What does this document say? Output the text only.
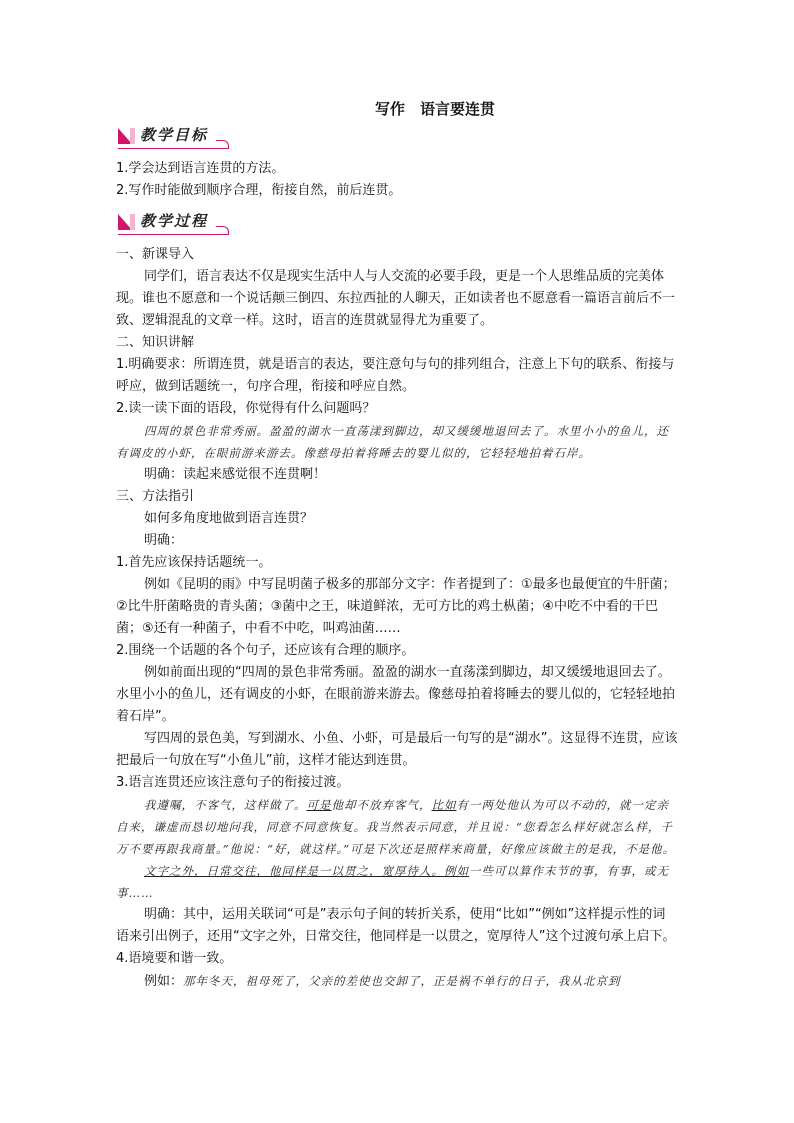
写作　语言要连贯
教学目标

1.学会达到语言连贯的方法。

2.写作时能做到顺序合理，衔接自然，前后连贯。

教学过程

一、新课导入

同学们，语言表达不仅是现实生活中人与人交流的必要手段，更是一个人思维品质的完美体现。谁也不愿意和一个说话颠三倒四、东拉西扯的人聊天，正如读者也不愿意看一篇语言前后不一致、逻辑混乱的文章一样。这时，语言的连贯就显得尤为重要了。

二、知识讲解

1.明确要求：所谓连贯，就是语言的表达，要注意句与句的排列组合，注意上下句的联系、衔接与呼应，做到话题统一，句序合理，衔接和呼应自然。

2.读一读下面的语段，你觉得有什么问题吗？

四周的景色非常秀丽。盈盈的湖水一直荡漾到脚边，却又缓缓地退回去了。水里小小的鱼儿，还有调皮的小虾，在眼前游来游去。像慈母拍着将睡去的婴儿似的，它轻轻地拍着石岸。

明确：读起来感觉很不连贯啊！

三、方法指引

如何多角度地做到语言连贯？

明确：

1.首先应该保持话题统一。

例如《昆明的雨》中写昆明菌子极多的那部分文字：作者提到了：①最多也最便宜的牛肝菌；②比牛肝菌略贵的青头菌；③菌中之王，味道鲜浓，无可方比的鸡土枞菌；④中吃不中看的干巴菌；⑤还有一种菌子，中看不中吃，叫鸡油菌……

2.围绕一个话题的各个句子，还应该有合理的顺序。

例如前面出现的“四周的景色非常秀丽。盈盈的湖水一直荡漾到脚边，却又缓缓地退回去了。水里小小的鱼儿，还有调皮的小虾，在眼前游来游去。像慈母拍着将睡去的婴儿似的，它轻轻地拍着石岸”。

写四周的景色美，写到湖水、小鱼、小虾，可是最后一句写的是“湖水”。这显得不连贯，应该把最后一句放在写“小鱼儿”前，这样才能达到连贯。

3.语言连贯还应该注意句子的衔接过渡。

我遵嘱，不客气，这样做了。可是他却不放弃客气，比如有一两处他认为可以不动的，就一定亲自来，谦虚而恳切地问我，同意不同意恢复。我当然表示同意，并且说：“您看怎么样好就怎么样，千万不要再跟我商量。”他说：“好，就这样。”可是下次还是照样来商量，好像应该做主的是我，不是他。

文字之外，日常交往，他同样是一以贯之，宽厚待人。例如一些可以算作末节的事，有事，或无事……

明确：其中，运用关联词“可是”表示句子间的转折关系，使用“比如”“例如”这样提示性的词语来引出例子，还用“文字之外，日常交往，他同样是一以贯之，宽厚待人”这个过渡句承上启下。

4.语境要和谐一致。

例如：那年冬天，祖母死了，父亲的差使也交卸了，正是祸不单行的日子，我从北京到
